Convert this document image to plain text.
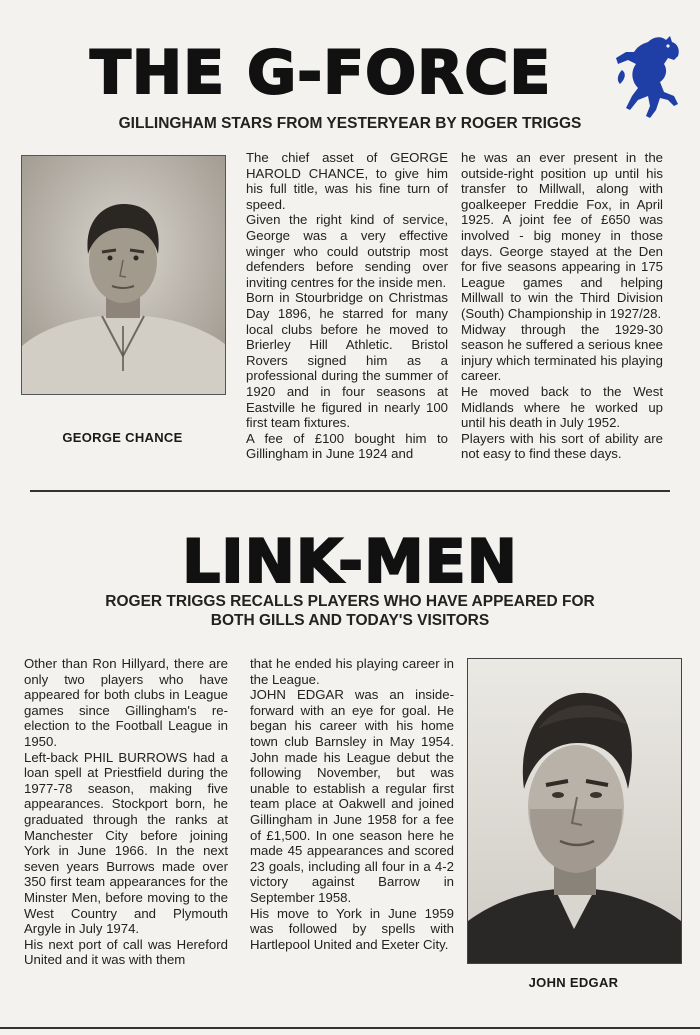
THE G-FORCE
GILLINGHAM STARS FROM YESTERYEAR BY ROGER TRIGGS
GEORGE CHANCE

The chief asset of GEORGE HAROLD CHANCE, to give him his full title, was his fine turn of speed.

Given the right kind of service, George was a very effective winger who could outstrip most defenders before sending over inviting centres for the inside men.

Born in Stourbridge on Christmas Day 1896, he starred for many local clubs before he moved to Brierley Hill Athletic. Bristol Rovers signed him as a professional during the summer of 1920 and in four seasons at Eastville he figured in nearly 100 first team fixtures.

A fee of £100 bought him to Gillingham in June 1924 and

he was an ever present in the outside-right position up until his transfer to Millwall, along with goalkeeper Freddie Fox, in April 1925. A joint fee of £650 was involved - big money in those days. George stayed at the Den for five seasons appearing in 175 League games and helping Millwall to win the Third Division (South) Championship in 1927/28.

Midway through the 1929-30 season he suffered a serious knee injury which terminated his playing career.

He moved back to the West Midlands where he worked up until his death in July 1952.

Players with his sort of ability are not easy to find these days.

LINK-MEN
ROGER TRIGGS RECALLS PLAYERS WHO HAVE APPEARED FOR
BOTH GILLS AND TODAY'S VISITORS

Other than Ron Hillyard, there are only two players who have appeared for both clubs in League games since Gillingham's re-election to the Football League in 1950.

Left-back PHIL BURROWS had a loan spell at Priestfield during the 1977-78 season, making five appearances. Stockport born, he graduated through the ranks at Manchester City before joining York in June 1966. In the next seven years Burrows made over 350 first team appearances for the Minster Men, before moving to the West Country and Plymouth Argyle in July 1974.

His next port of call was Hereford United and it was with them

that he ended his playing career in the League.

JOHN EDGAR was an inside-forward with an eye for goal. He began his career with his home town club Barnsley in May 1954. John made his League debut the following November, but was unable to establish a regular first team place at Oakwell and joined Gillingham in June 1958 for a fee of £1,500. In one season here he made 45 appearances and scored 23 goals, including all four in a 4-2 victory against Barrow in September 1958.

His move to York in June 1959 was followed by spells with Hartlepool United and Exeter City.

JOHN EDGAR
